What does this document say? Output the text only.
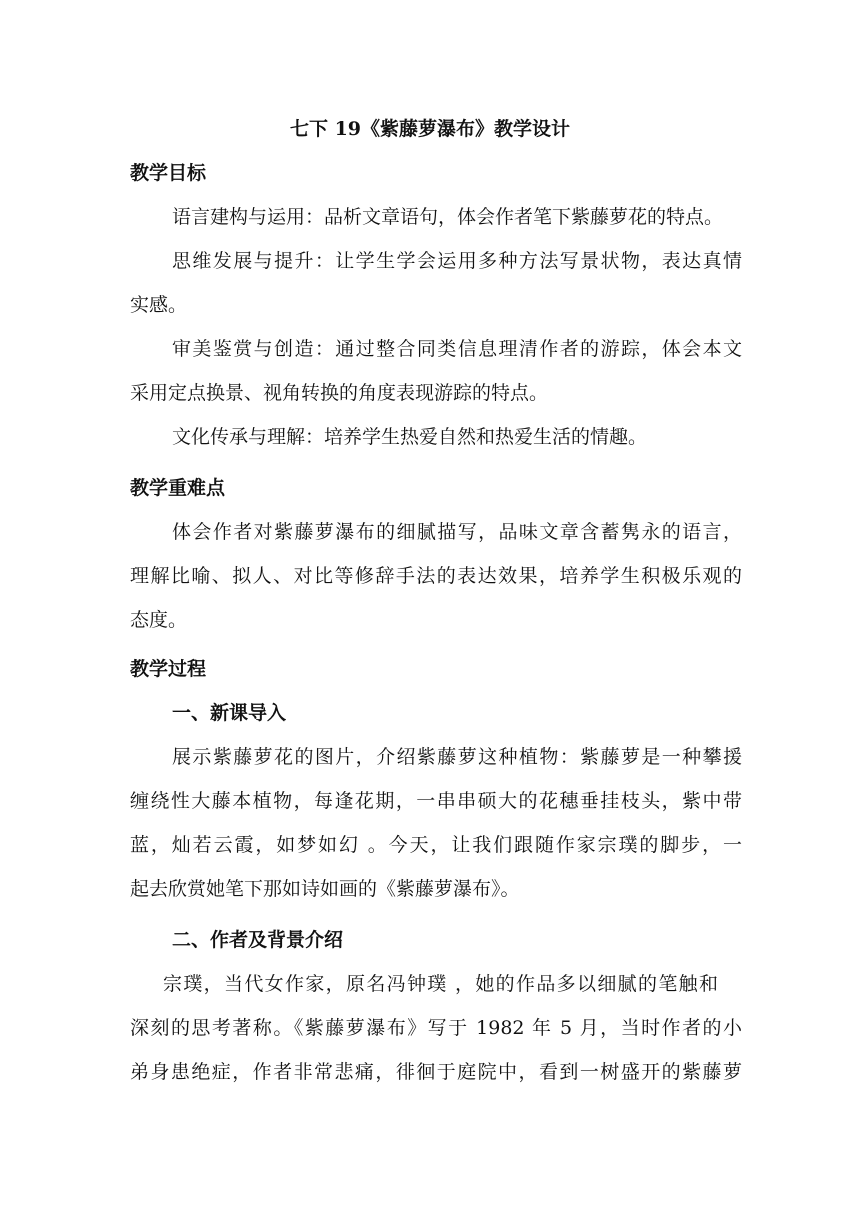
七下 19《紫藤萝瀑布》教学设计
教学目标
语言建构与运用：品析文章语句，体会作者笔下紫藤萝花的特点。
思维发展与提升：让学生学会运用多种方法写景状物，表达真情
实感。
审美鉴赏与创造：通过整合同类信息理清作者的游踪，体会本文
采用定点换景、视角转换的角度表现游踪的特点。
文化传承与理解：培养学生热爱自然和热爱生活的情趣。
教学重难点
体会作者对紫藤萝瀑布的细腻描写，品味文章含蓄隽永的语言，
理解比喻、拟人、对比等修辞手法的表达效果，培养学生积极乐观的
态度。
教学过程
一、新课导入
展示紫藤萝花的图片，介绍紫藤萝这种植物：紫藤萝是一种攀援
缠绕性大藤本植物，每逢花期，一串串硕大的花穗垂挂枝头，紫中带
蓝，灿若云霞，如梦如幻 。今天，让我们跟随作家宗璞的脚步，一
起去欣赏她笔下那如诗如画的《紫藤萝瀑布》。
二、作者及背景介绍
宗璞，当代女作家，原名冯钟璞 ，她的作品多以细腻的笔触和
深刻的思考著称。《紫藤萝瀑布》写于 1982 年 5 月，当时作者的小
弟身患绝症，作者非常悲痛，徘徊于庭院中，看到一树盛开的紫藤萝
